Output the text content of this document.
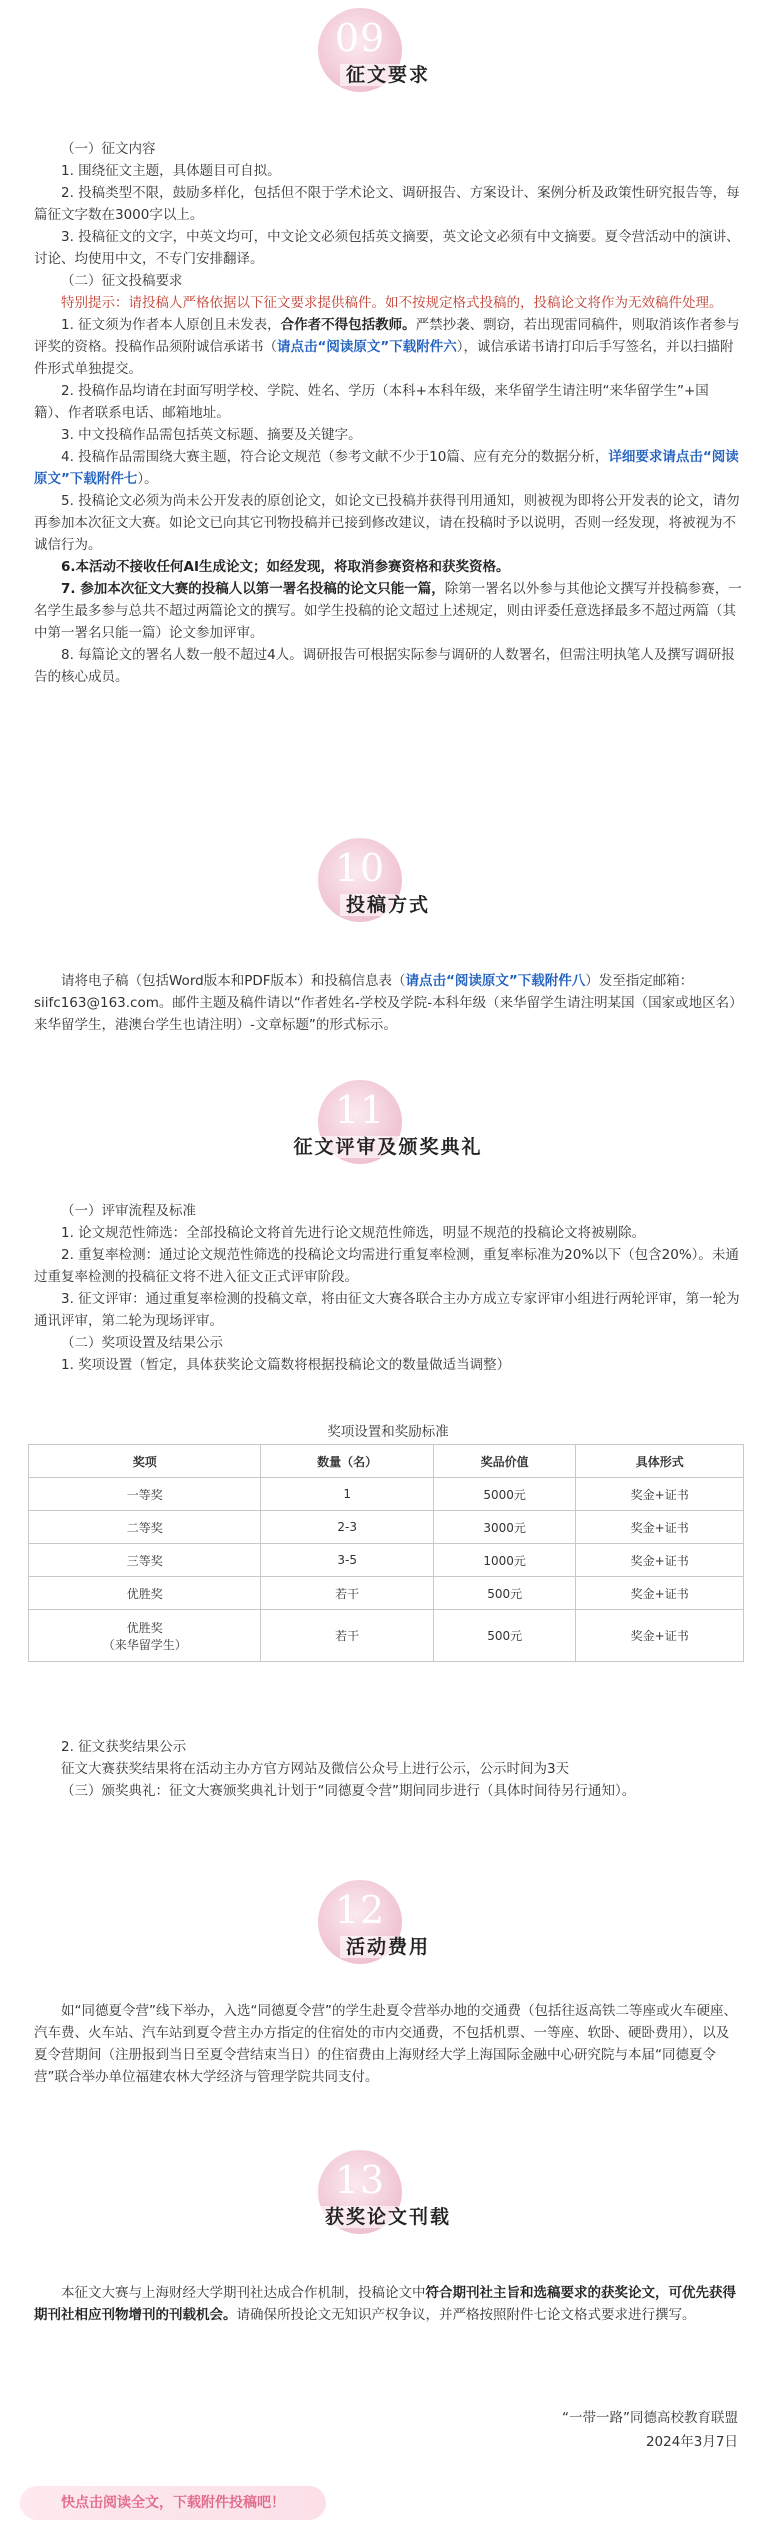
09
征文要求

（一）征文内容

1. 围绕征文主题，具体题目可自拟。

2. 投稿类型不限，鼓励多样化，包括但不限于学术论文、调研报告、方案设计、案例分析及政策性研究报告等，每篇征文字数在3000字以上。

3. 投稿征文的文字，中英文均可，中文论文必须包括英文摘要，英文论文必须有中文摘要。夏令营活动中的演讲、讨论、均使用中文，不专门安排翻译。

（二）征文投稿要求

特别提示：请投稿人严格依据以下征文要求提供稿件。如不按规定格式投稿的，投稿论文将作为无效稿件处理。

1. 征文须为作者本人原创且未发表，合作者不得包括教师。严禁抄袭、剽窃，若出现雷同稿件，则取消该作者参与评奖的资格。投稿作品须附诚信承诺书（请点击“阅读原文”下载附件六），诚信承诺书请打印后手写签名，并以扫描附件形式单独提交。

2. 投稿作品均请在封面写明学校、学院、姓名、学历（本科+本科年级，来华留学生请注明“来华留学生”+国籍）、作者联系电话、邮箱地址。

3. 中文投稿作品需包括英文标题、摘要及关键字。

4. 投稿作品需围绕大赛主题，符合论文规范（参考文献不少于10篇、应有充分的数据分析，详细要求请点击“阅读原文”下载附件七）。

5. 投稿论文必须为尚未公开发表的原创论文，如论文已投稿并获得刊用通知，则被视为即将公开发表的论文，请勿再参加本次征文大赛。如论文已向其它刊物投稿并已接到修改建议，请在投稿时予以说明，否则一经发现，将被视为不诚信行为。

6.本活动不接收任何AI生成论文；如经发现，将取消参赛资格和获奖资格。

7. 参加本次征文大赛的投稿人以第一署名投稿的论文只能一篇，除第一署名以外参与其他论文撰写并投稿参赛，一名学生最多参与总共不超过两篇论文的撰写。如学生投稿的论文超过上述规定，则由评委任意选择最多不超过两篇（其中第一署名只能一篇）论文参加评审。

8. 每篇论文的署名人数一般不超过4人。调研报告可根据实际参与调研的人数署名，但需注明执笔人及撰写调研报告的核心成员。

10
投稿方式

请将电子稿（包括Word版本和PDF版本）和投稿信息表（请点击“阅读原文”下载附件八）发至指定邮箱：siifc163@163.com。邮件主题及稿件请以“作者姓名-学校及学院-本科年级（来华留学生请注明某国（国家或地区名）来华留学生，港澳台学生也请注明）-文章标题”的形式标示。

11
征文评审及颁奖典礼

（一）评审流程及标准

1. 论文规范性筛选：全部投稿论文将首先进行论文规范性筛选，明显不规范的投稿论文将被剔除。

2. 重复率检测：通过论文规范性筛选的投稿论文均需进行重复率检测，重复率标准为20%以下（包含20%）。未通过重复率检测的投稿征文将不进入征文正式评审阶段。

3. 征文评审：通过重复率检测的投稿文章，将由征文大赛各联合主办方成立专家评审小组进行两轮评审，第一轮为通讯评审，第二轮为现场评审。

（二）奖项设置及结果公示

1. 奖项设置（暂定，具体获奖论文篇数将根据投稿论文的数量做适当调整）

奖项设置和奖励标准
奖项	数量（名）	奖品价值	具体形式
一等奖	1	5000元	奖金+证书
二等奖	2-3	3000元	奖金+证书
三等奖	3-5	1000元	奖金+证书
优胜奖	若干	500元	奖金+证书

优胜奖
（来华留学生）	若干	500元	奖金+证书

2. 征文获奖结果公示

征文大赛获奖结果将在活动主办方官方网站及微信公众号上进行公示，公示时间为3天

（三）颁奖典礼：征文大赛颁奖典礼计划于“同德夏令营”期间同步进行（具体时间待另行通知）。

12
活动费用

如“同德夏令营”线下举办，入选“同德夏令营”的学生赴夏令营举办地的交通费（包括往返高铁二等座或火车硬座、汽车费、火车站、汽车站到夏令营主办方指定的住宿处的市内交通费，不包括机票、一等座、软卧、硬卧费用），以及夏令营期间（注册报到当日至夏令营结束当日）的住宿费由上海财经大学上海国际金融中心研究院与本届“同德夏令营”联合举办单位福建农林大学经济与管理学院共同支付。

13
获奖论文刊载

本征文大赛与上海财经大学期刊社达成合作机制，投稿论文中符合期刊社主旨和选稿要求的获奖论文，可优先获得期刊社相应刊物增刊的刊载机会。请确保所投论文无知识产权争议，并严格按照附件七论文格式要求进行撰写。

“一带一路”同德高校教育联盟
2024年3月7日
快点击阅读全文，下载附件投稿吧！
